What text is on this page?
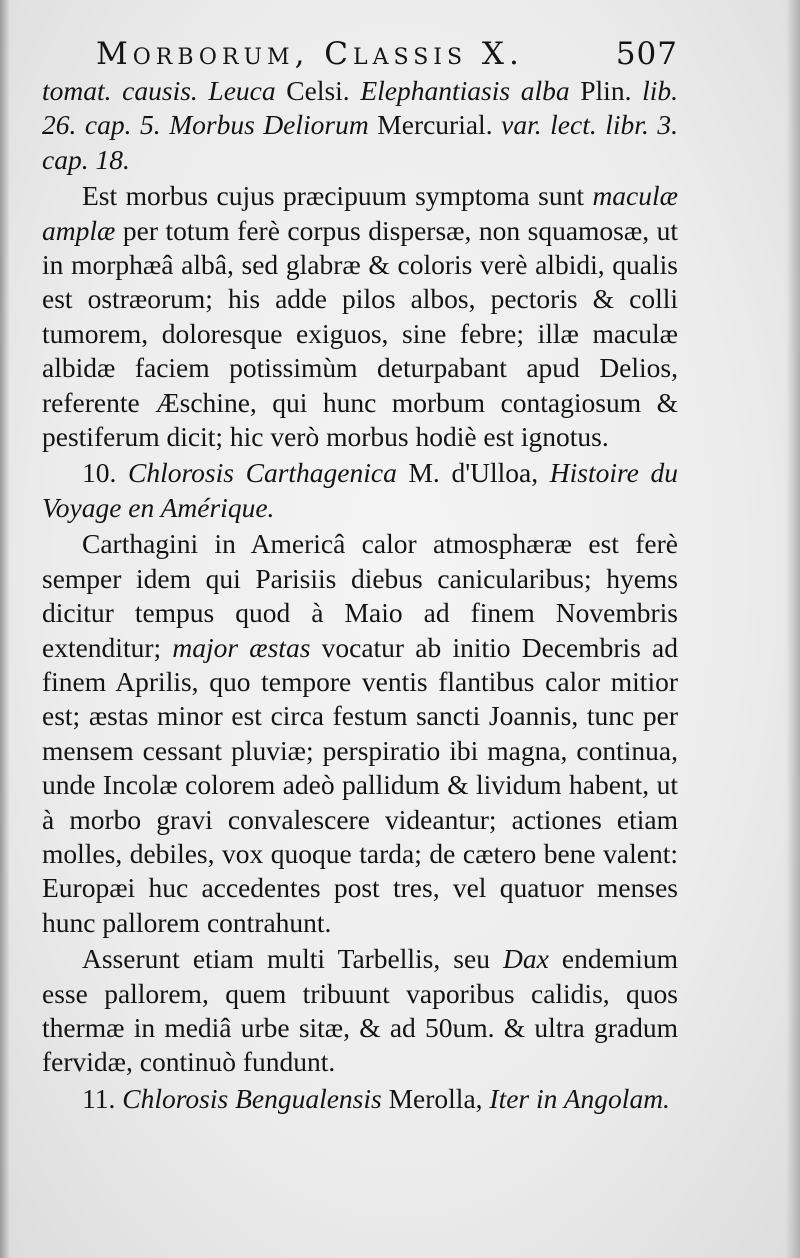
Morborum, Classis X.	507

tomat. causis. Leuca Celsi. Elephantiasis alba Plin. lib. 26. cap. 5. Morbus Deliorum Mercurial. var. lect. libr. 3. cap. 18.

Est morbus cujus præcipuum symptoma sunt maculæ amplæ per totum ferè corpus dispersæ, non squamosæ, ut in morphæâ albâ, sed glabræ & coloris verè albidi, qualis est ostræorum; his adde pilos albos, pectoris & colli tumorem, doloresque exiguos, sine febre; illæ maculæ albidæ faciem potissimùm deturpabant apud Delios, referente Æschine, qui hunc morbum contagiosum & pestiferum dicit; hic verò morbus hodiè est ignotus.

10. Chlorosis Carthagenica M. d'Ulloa, Histoire du Voyage en Amérique.

Carthagini in Americâ calor atmosphæræ est ferè semper idem qui Parisiis diebus canicularibus; hyems dicitur tempus quod à Maio ad finem Novembris extenditur; major æstas vocatur ab initio Decembris ad finem Aprilis, quo tempore ventis flantibus calor mitior est; æstas minor est circa festum sancti Joannis, tunc per mensem cessant pluviæ; perspiratio ibi magna, continua, unde Incolæ colorem adeò pallidum & lividum habent, ut à morbo gravi convalescere videantur; actiones etiam molles, debiles, vox quoque tarda; de cætero bene valent: Europæi huc accedentes post tres, vel quatuor menses hunc pallorem contrahunt.

Asserunt etiam multi Tarbellis, seu Dax endemium esse pallorem, quem tribuunt vaporibus calidis, quos thermæ in mediâ urbe sitæ, & ad 50um. & ultra gradum fervidæ, continuò fundunt.

11. Chlorosis Bengualensis Merolla, Iter in Angolam.
